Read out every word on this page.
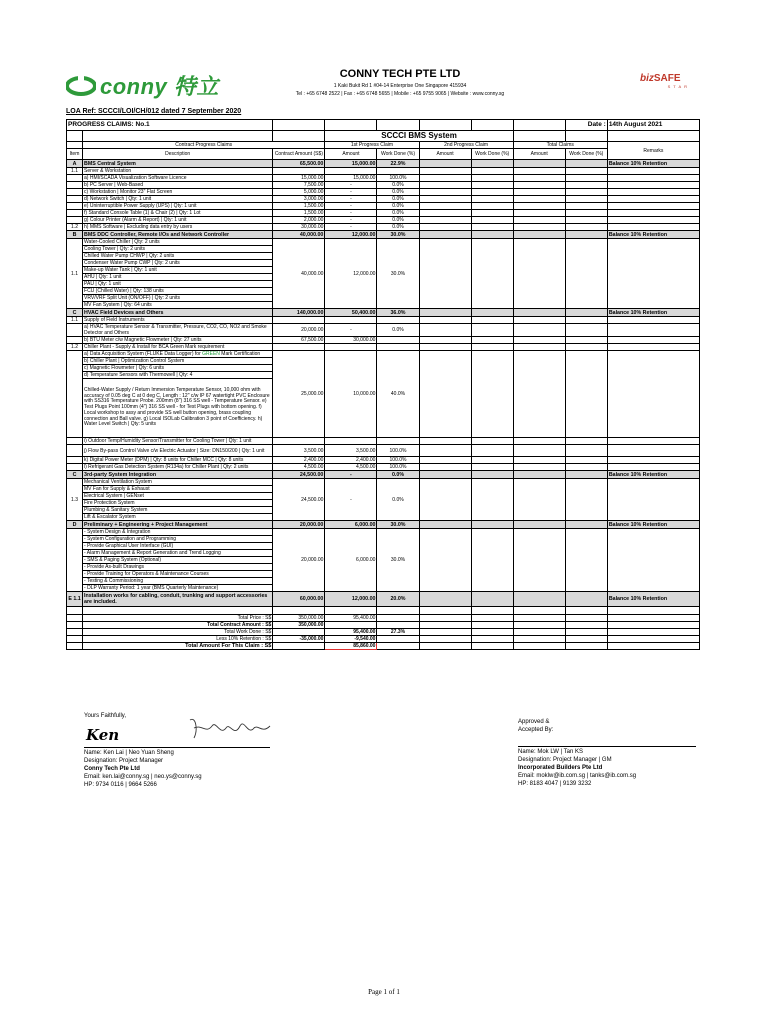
conny 特立	CONNY TECH PTE LTD
1 Kaki Bukit Rd 1 #04-14 Enterprise One Singapore 415934
Tel : +65 6748 2522 | Fax : +65 6748 5655 | Mobile : +65 9755 9065 | Website : www.conny.sg
bizSAFE
STAR
LOA Ref: SCCCI/LOI/CH/012 dated 7 September 2020
PROGRESS CLAIMS: No.1								Date :	14th August 2021
			SCCCI BMS System						
	Contract Progress Claims		1st Progress Claim		2nd Progress Claim		Total Claims		Remarks
Item	Description	Contract Amount (S$)	Amount	Work Done (%)	Amount	Work Done (%)	Amount	Work Done (%)	
A	BMS Central System	65,500.00	15,000.00	22.9%					Balance 10% Retention
1.1	Server & Workstation								
	a) HMI/SCADA Visualization Software Licence	15,000.00	15,000.00	100.0%					
	b) PC Server | Web-Based	7,500.00	-	0.0%					
	c) Workstation | Monitor 23" Flat Screen	5,000.00	-	0.0%					
	d) Network Switch | Qty: 1 unit	3,000.00	-	0.0%					
	e) Uninterruptible Power Supply (UPS) | Qty: 1 unit	1,500.00	-	0.0%					
	f) Standard Console Table (1) & Chair (2) | Qty: 1 Lot	1,500.00	-	0.0%					
	g) Colour Printer (Alarm & Report) | Qty: 1 unit	2,000.00	-	0.0%					
1.2	h) MMS Software | Excluding data entry by users	30,000.00	-	0.0%					
B	BMS DDC Controller, Remote I/Os and Network Controller	40,000.00	12,000.00	30.0%					Balance 10% Retention
1.1	Water-Cooled Chiller | Qty: 2 units	40,000.00	12,000.00	30.0%					
	Cooling Tower | Qty: 2 units								
	Chilled Water Pump CHWP | Qty: 2 units								
	Condenser Water Pump CWP | Qty: 2 units								
	Make-up Water Tank | Qty: 1 unit								
	AHU | Qty: 1 unit								
	PAU | Qty: 1 unit								
	FCU (Chilled Water) | Qty: 138 units								
	VRV/VRF Split Unit (ON/OFF) | Qty: 2 units								
	MV Fan System | Qty: 64 units								
C	HVAC Field Devices and Others	140,000.00	50,400.00	36.0%					Balance 10% Retention
1.1	Supply of Field Instruments								
	a) HVAC Temperature Sensor & Transmitter, Pressure, CO2, CO, NO2 and Smoke Detector and Others	20,000.00	-	0.0%					
	b) BTU Meter c/w Magnetic Flowmeter | Qty: 27 units	67,500.00	30,000.00						
1.2	Chiller Plant - Supply & Install for BCA Green Mark requirement								
	a) Data Acquisition System (FLUKE Data Logger) for GREEN Mark Certification	25,000.00	10,000.00	40.0%					
	b) Chiller Plant | Optimization Control System								
	c) Magnetic Flowmeter | Qty: 6 units								
	d) Temperature Sensors with Thermowell | Qty: 4								
	Chilled-Water Supply / Return Immersion Temperature Sensor, 10,000 ohm with accuracy of 0.05 deg C at 0 deg C, Length : 12" c/w IP 67 watertight PVC Enclosure with SS316 Temperature Probe. 200mm (8") 316 SS well - Temperature Sensor. e) Test Plugs Point 100mm (4") 316 SS well - for Test Plugs with bottom opening. f) Local workshop to assy and provide SS well button opening, brass coupling connection and Ball valve. g) Local ISOLab Calibration 3 point of Coefficiency. h) Water Level Switch | Qty: 5 units								
	i) Outdoor Temp/Humidity Sensor/Transmitter for Cooling Tower | Qty: 1 unit								
	j) Flow By-pass Control Valve c/w Electric Actuator | Size: DN150/200 | Qty: 1 unit	3,500.00	3,500.00	100.0%					
	k) Digital Power Meter (DPM) | Qty: 8 units for Chiller MCC | Qty: 8 units	2,400.00	2,400.00	100.0%					
	l) Refrigerant Gas Detection System (R134a) for Chiller Plant | Qty: 2 units	4,500.00	4,500.00	100.0%					
C	3rd-party System Integration	24,500.00	-	0.0%					Balance 10% Retention
1.3	Mechanical Ventilation System	24,500.00	-	0.0%					
	MV Fan for Supply & Exhaust								
	Electrical System | GENset								
	Fire Protection System								
	Plumbing & Sanitary System								
	Lift & Escalator System								
D	Preliminary + Engineering + Project Management	20,000.00	6,000.00	30.0%					Balance 10% Retention
	- System Design & Integration	20,000.00	6,000.00	30.0%					
	- System Configuration and Programming								
	- Provide Graphical User Interface (GUI)								
	- Alarm Management & Report Generation and Trend Logging								
	- SMS & Paging System (Optional)								
	- Provide As-built Drawings								
	- Provide Training for Operators & Maintenance Courses								
	- Testing & Commissioning								
	- DLP Warranty Period: 1 year (BMS Quarterly Maintenance)								
E 1.1	Installation works for cabling, conduit, trunking and support accessories are included.	60,000.00	12,000.00	20.0%					Balance 10% Retention

	Total Price : S$	350,000.00	95,400.00						
	Total Contract Amount : S$	350,000.00							
	Total Work Done : S$		95,400.00	27.3%					
	Less 10% Retention : S$	-35,000.00	-9,540.00						
	Total Amount For This Claim : S$		85,860.00						
Yours Faithfully,
Ken
Name: Ken Lai | Neo Yuan Sheng
Designation: Project Manager
Conny Tech Pte Ltd
Email: ken.lai@conny.sg | neo.ys@conny.sg
HP: 9734 0116 | 9664 5266
Approved &
Accepted By:
Name: Mok LW | Tan KS
Designation: Project Manager | GM
Incorporated Builders Pte Ltd
Email: moklw@ib.com.sg | tanks@ib.com.sg
HP: 8183 4047 | 9139 3232
Page 1 of 1
